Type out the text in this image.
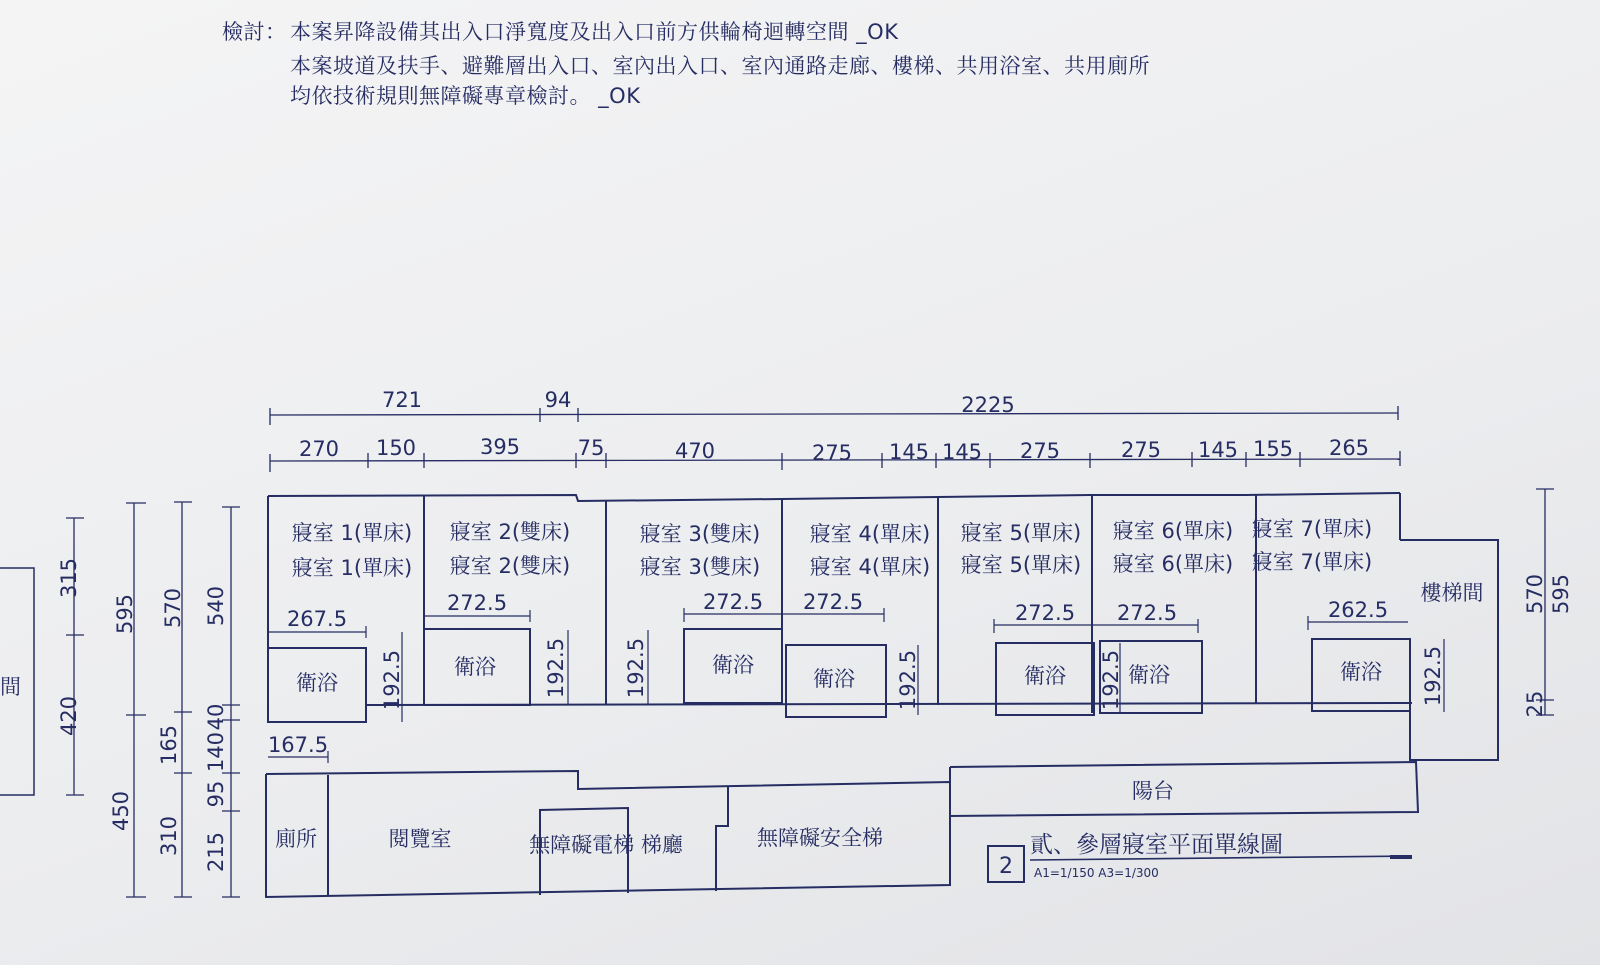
檢討： 本案昇降設備其出入口淨寬度及出入口前方供輪椅迴轉空間 _OK
本案坡道及扶手、避難層出入口、室內出入口、室內通路走廊、樓梯、共用浴室、共用廁所
均依技術規則無障礙專章檢討。 _OK
721	94	2225
270 150	395	75	470	275 145 145 275	275 145 155 265
315
420
595
450
570
165
310
540
40
140
95
215
間
570
25
595
267.5
272.5	272.5 272.5	272.5 272.5	262.5
167.5
192.5	192.5	192.5	192.5	192.5	192.5
寢室 1(單床)
寢室 1(單床)
寢室 2(雙床)
寢室 2(雙床)
寢室 3(雙床)
寢室 3(雙床)
寢室 4(單床)
寢室 4(單床)
寢室 5(單床)
寢室 5(單床)
寢室 6(單床)
寢室 6(單床)
寢室 7(單床)
寢室 7(單床)
衛浴
衛浴	衛浴
衛浴	衛浴	衛浴	衛浴
樓梯間
陽台
廁所	閱覽室	無障礙電梯 梯廳	無障礙安全梯
2
貳、參層寢室平面單線圖
A1=1/150 A3=1/300
